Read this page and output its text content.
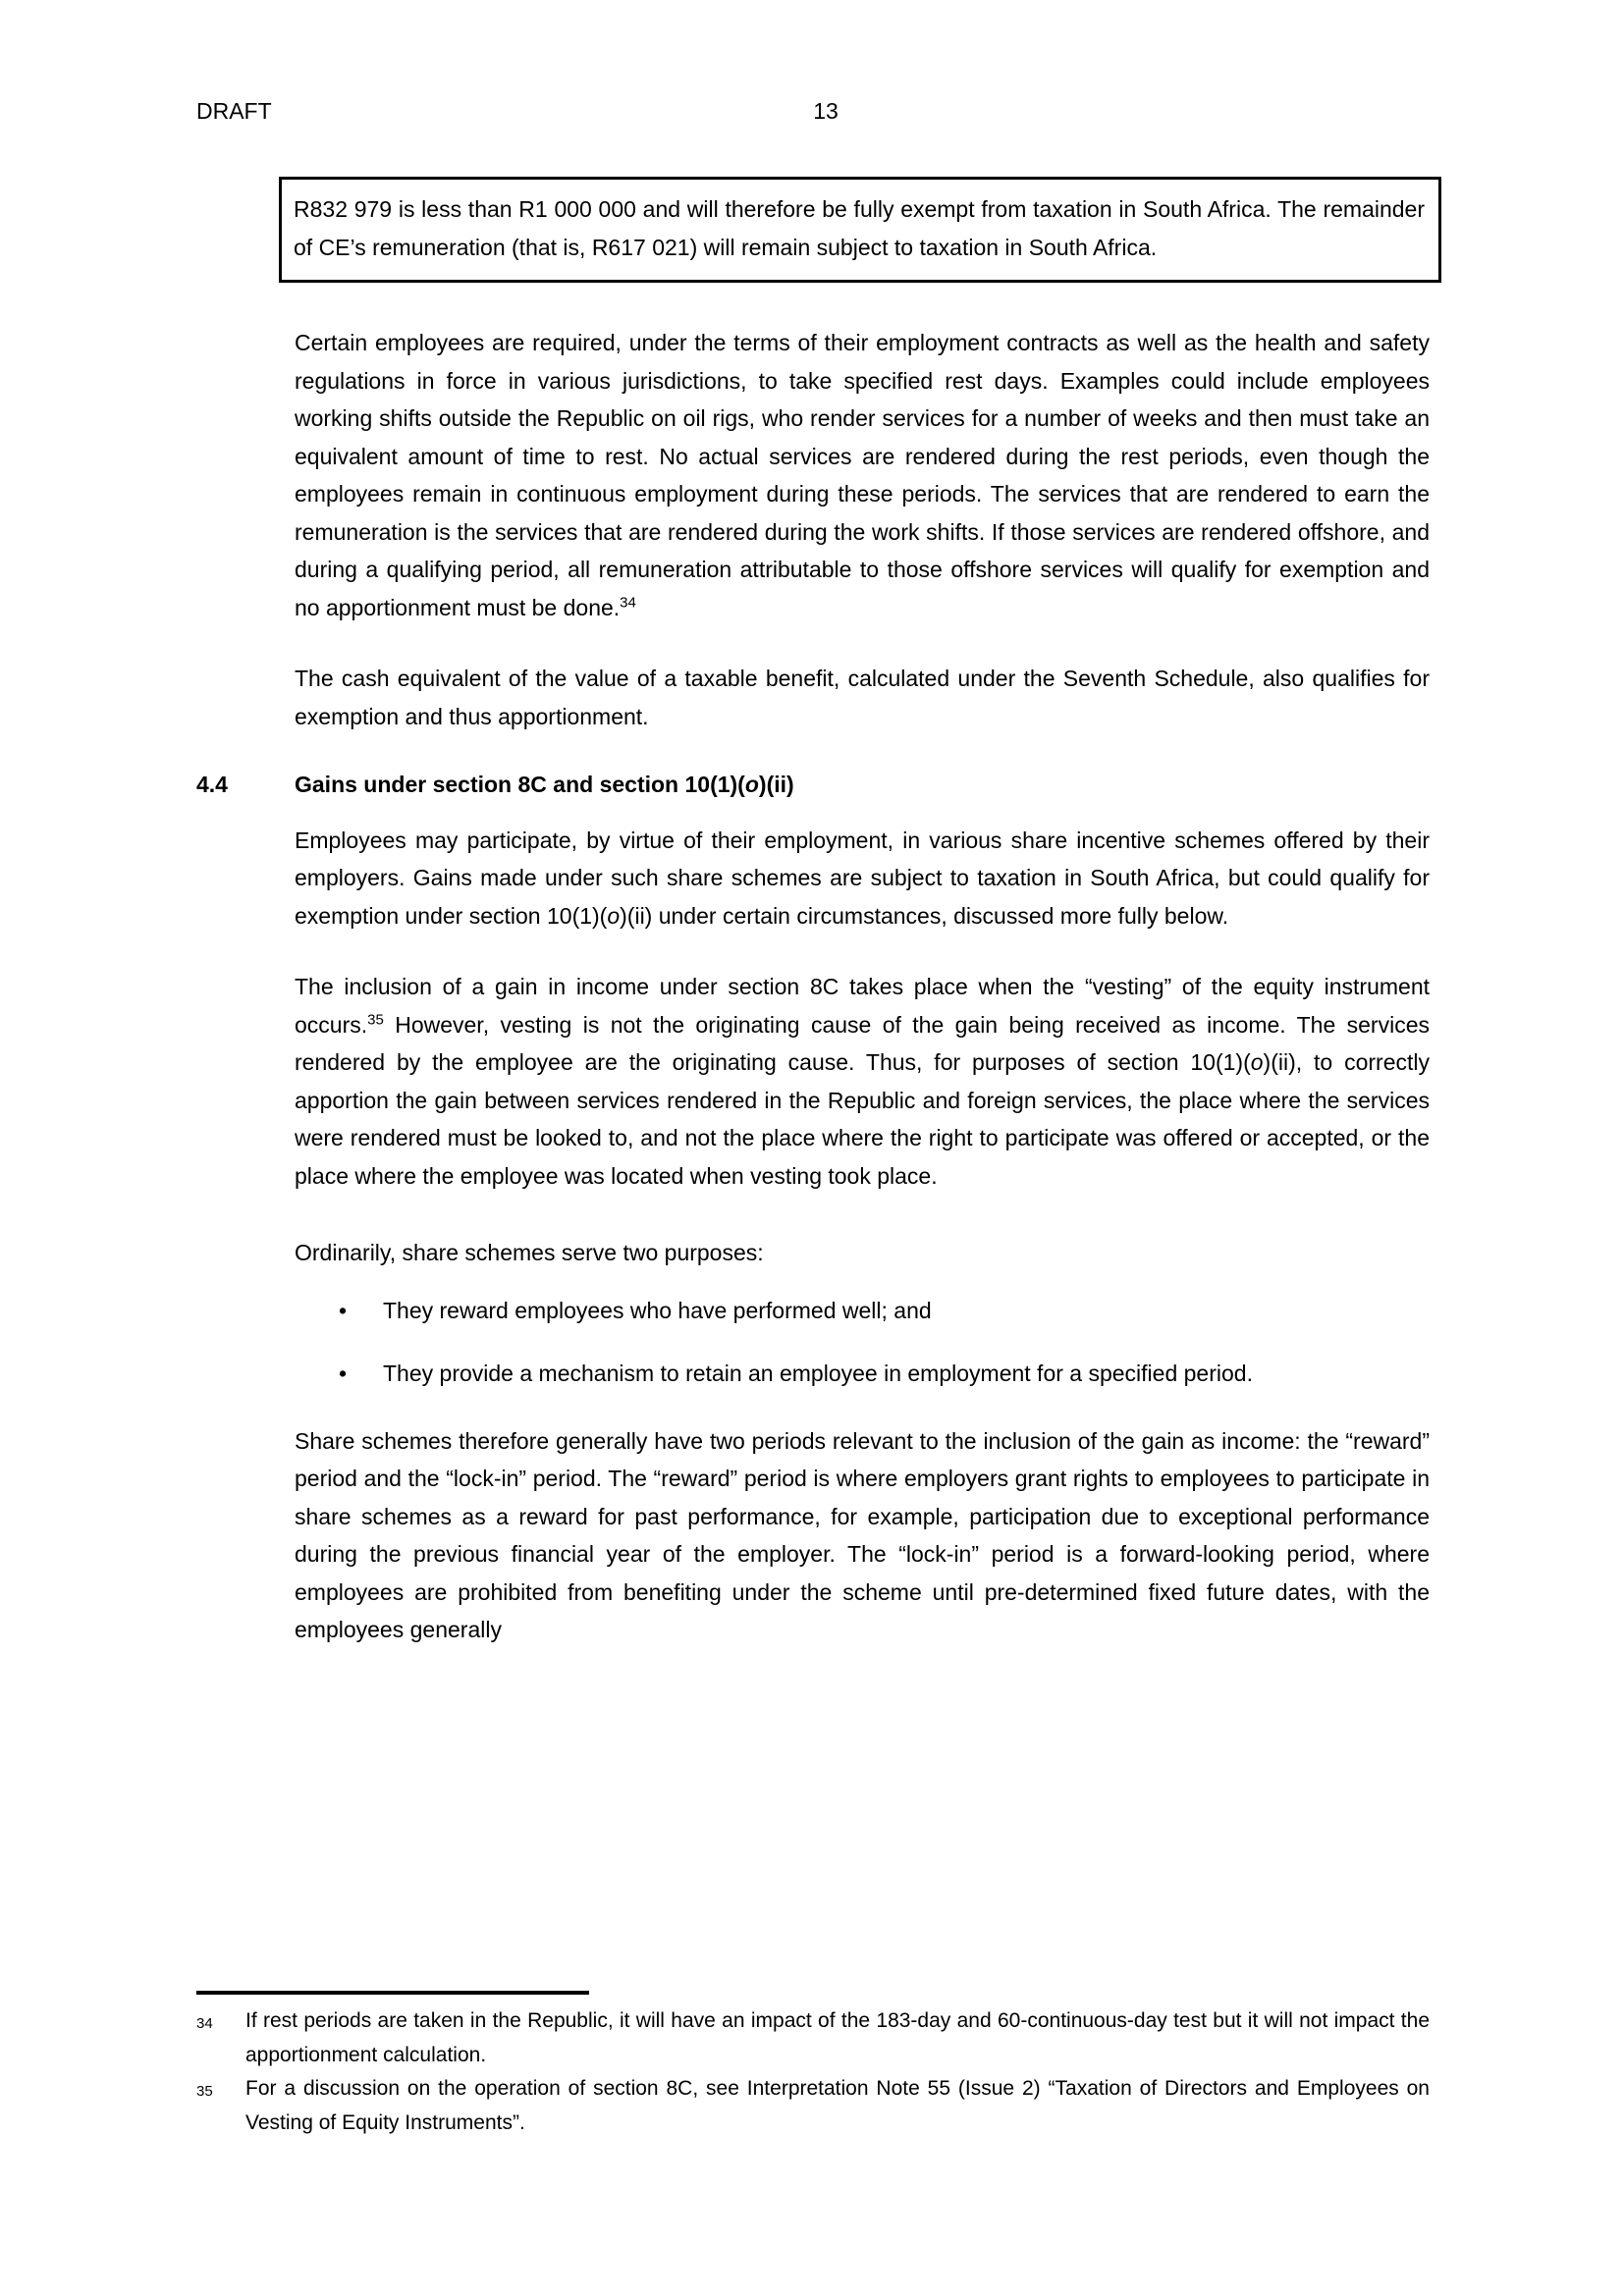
DRAFT	13
R832 979 is less than R1 000 000 and will therefore be fully exempt from taxation in South Africa. The remainder of CE’s remuneration (that is, R617 021) will remain subject to taxation in South Africa.
Certain employees are required, under the terms of their employment contracts as well as the health and safety regulations in force in various jurisdictions, to take specified rest days. Examples could include employees working shifts outside the Republic on oil rigs, who render services for a number of weeks and then must take an equivalent amount of time to rest. No actual services are rendered during the rest periods, even though the employees remain in continuous employment during these periods. The services that are rendered to earn the remuneration is the services that are rendered during the work shifts. If those services are rendered offshore, and during a qualifying period, all remuneration attributable to those offshore services will qualify for exemption and no apportionment must be done.$^{34}$
The cash equivalent of the value of a taxable benefit, calculated under the Seventh Schedule, also qualifies for exemption and thus apportionment.
4.4	Gains under section 8C and section 10(1)(o)(ii)
Employees may participate, by virtue of their employment, in various share incentive schemes offered by their employers. Gains made under such share schemes are subject to taxation in South Africa, but could qualify for exemption under section 10(1)(o)(ii) under certain circumstances, discussed more fully below.
The inclusion of a gain in income under section 8C takes place when the “vesting” of the equity instrument occurs.$^{35}$ However, vesting is not the originating cause of the gain being received as income. The services rendered by the employee are the originating cause. Thus, for purposes of section 10(1)(o)(ii), to correctly apportion the gain between services rendered in the Republic and foreign services, the place where the services were rendered must be looked to, and not the place where the right to participate was offered or accepted, or the place where the employee was located when vesting took place.
Ordinarily, share schemes serve two purposes:
•	They reward employees who have performed well; and
•	They provide a mechanism to retain an employee in employment for a specified period.
Share schemes therefore generally have two periods relevant to the inclusion of the gain as income: the “reward” period and the “lock-in” period. The “reward” period is where employers grant rights to employees to participate in share schemes as a reward for past performance, for example, participation due to exceptional performance during the previous financial year of the employer. The “lock-in” period is a forward-looking period, where employees are prohibited from benefiting under the scheme until pre-determined fixed future dates, with the employees generally
34	If rest periods are taken in the Republic, it will have an impact of the 183-day and 60-continuous-day test but it will not impact the apportionment calculation.
35	For a discussion on the operation of section 8C, see Interpretation Note 55 (Issue 2) “Taxation of Directors and Employees on Vesting of Equity Instruments”.
